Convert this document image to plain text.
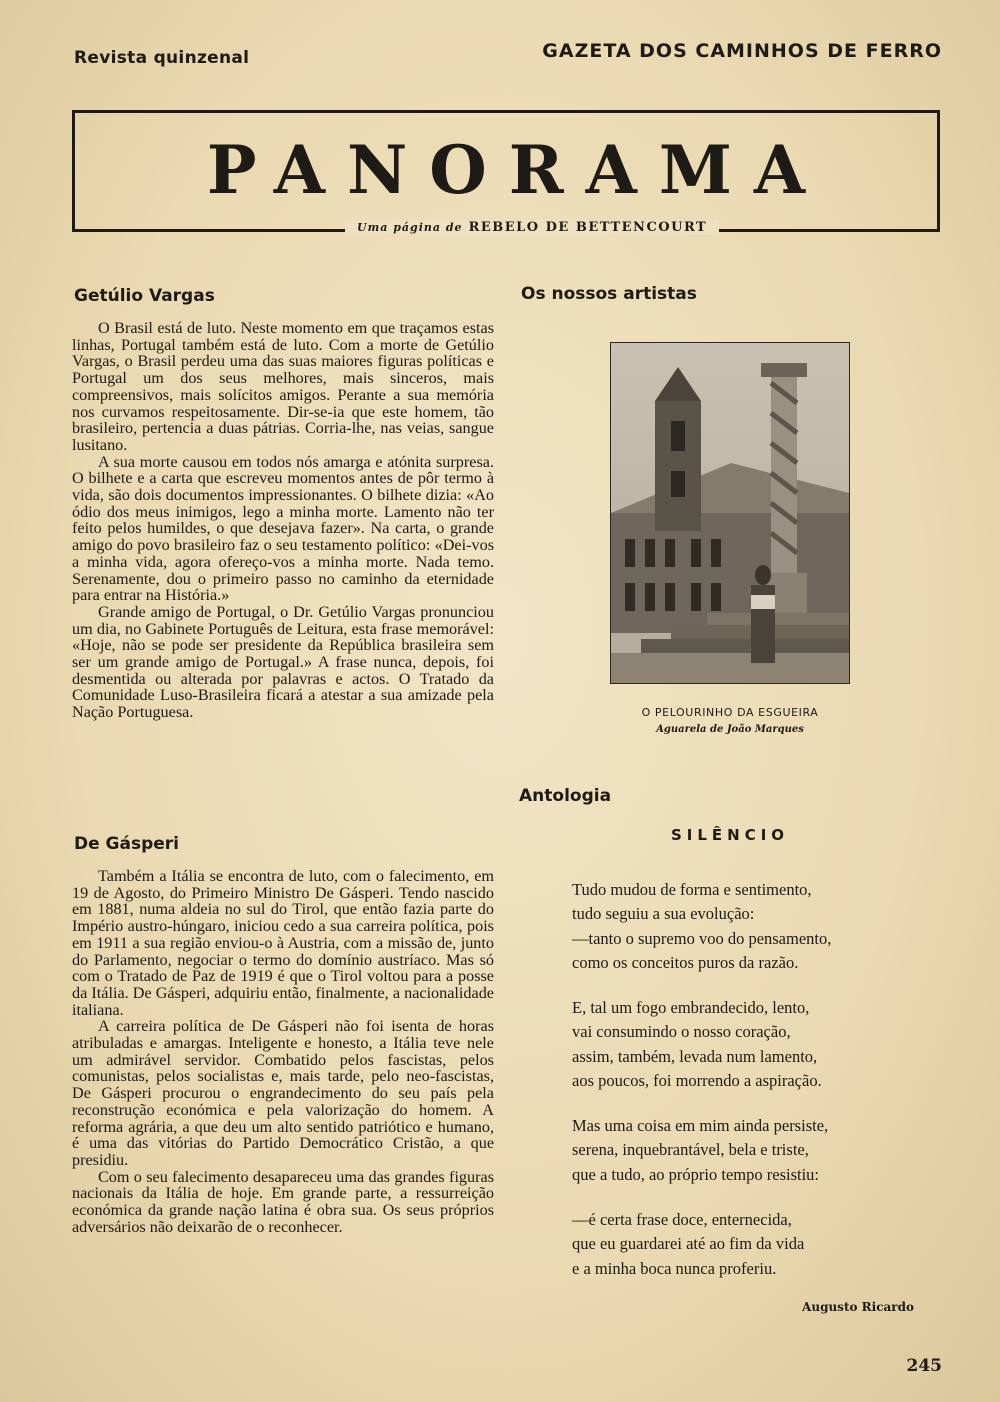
Revista quinzenal	GAZETA DOS CAMINHOS DE FERRO
PANORAMA
Uma página de REBELO DE BETTENCOURT
Getúlio Vargas

O Brasil está de luto. Neste momento em que traçamos estas linhas, Portugal também está de luto. Com a morte de Getúlio Vargas, o Brasil perdeu uma das suas maiores figuras políticas e Portugal um dos seus melhores, mais sinceros, mais compreensivos, mais solícitos amigos. Perante a sua memória nos curvamos respeitosamente. Dir-se-ia que este homem, tão brasileiro, pertencia a duas pátrias. Corria-lhe, nas veias, sangue lusitano.

A sua morte causou em todos nós amarga e atónita surpresa. O bilhete e a carta que escreveu momentos antes de pôr termo à vida, são dois documentos impressionantes. O bilhete dizia: «Ao ódio dos meus inimigos, lego a minha morte. Lamento não ter feito pelos humildes, o que desejava fazer». Na carta, o grande amigo do povo brasileiro faz o seu testamento político: «Dei-vos a minha vida, agora ofereço-vos a minha morte. Nada temo. Serenamente, dou o primeiro passo no caminho da eternidade para entrar na História.»

Grande amigo de Portugal, o Dr. Getúlio Vargas pronunciou um dia, no Gabinete Português de Leitura, esta frase memorável: «Hoje, não se pode ser presidente da República brasileira sem ser um grande amigo de Portugal.» A frase nunca, depois, foi desmentida ou alterada por palavras e actos. O Tratado da Comunidade Luso-Brasileira ficará a atestar a sua amizade pela Nação Portuguesa.

De Gásperi

Também a Itália se encontra de luto, com o falecimento, em 19 de Agosto, do Primeiro Ministro De Gásperi. Tendo nascido em 1881, numa aldeia no sul do Tirol, que então fazia parte do Império austro-húngaro, iniciou cedo a sua carreira política, pois em 1911 a sua região enviou-o à Austria, com a missão de, junto do Parlamento, negociar o termo do domínio austríaco. Mas só com o Tratado de Paz de 1919 é que o Tirol voltou para a posse da Itália. De Gásperi, adquiriu então, finalmente, a nacionalidade italiana.

A carreira política de De Gásperi não foi isenta de horas atribuladas e amargas. Inteligente e honesto, a Itália teve nele um admirável servidor. Combatido pelos fascistas, pelos comunistas, pelos socialistas e, mais tarde, pelo neo-fascistas, De Gásperi procurou o engrandecimento do seu país pela reconstrução económica e pela valorização do homem. A reforma agrária, a que deu um alto sentido patriótico e humano, é uma das vitórias do Partido Democrático Cristão, a que presidiu.

Com o seu falecimento desapareceu uma das grandes figuras nacionais da Itália de hoje. Em grande parte, a ressurreição económica da grande nação latina é obra sua. Os seus próprios adversários não deixarão de o reconhecer.

Os nossos artistas
O PELOURINHO DA ESGUEIRA
Aguarela de João Marques
Antologia
SILÊNCIO
Tudo mudou de forma e sentimento,
tudo seguiu a sua evolução:
—tanto o supremo voo do pensamento,
como os conceitos puros da razão.
E, tal um fogo embrandecido, lento,
vai consumindo o nosso coração,
assim, também, levada num lamento,
aos poucos, foi morrendo a aspiração.
Mas uma coisa em mim ainda persiste,
serena, inquebrantável, bela e triste,
que a tudo, ao próprio tempo resistiu:
—é certa frase doce, enternecida,
que eu guardarei até ao fim da vida
e a minha boca nunca proferiu.
Augusto Ricardo
245
